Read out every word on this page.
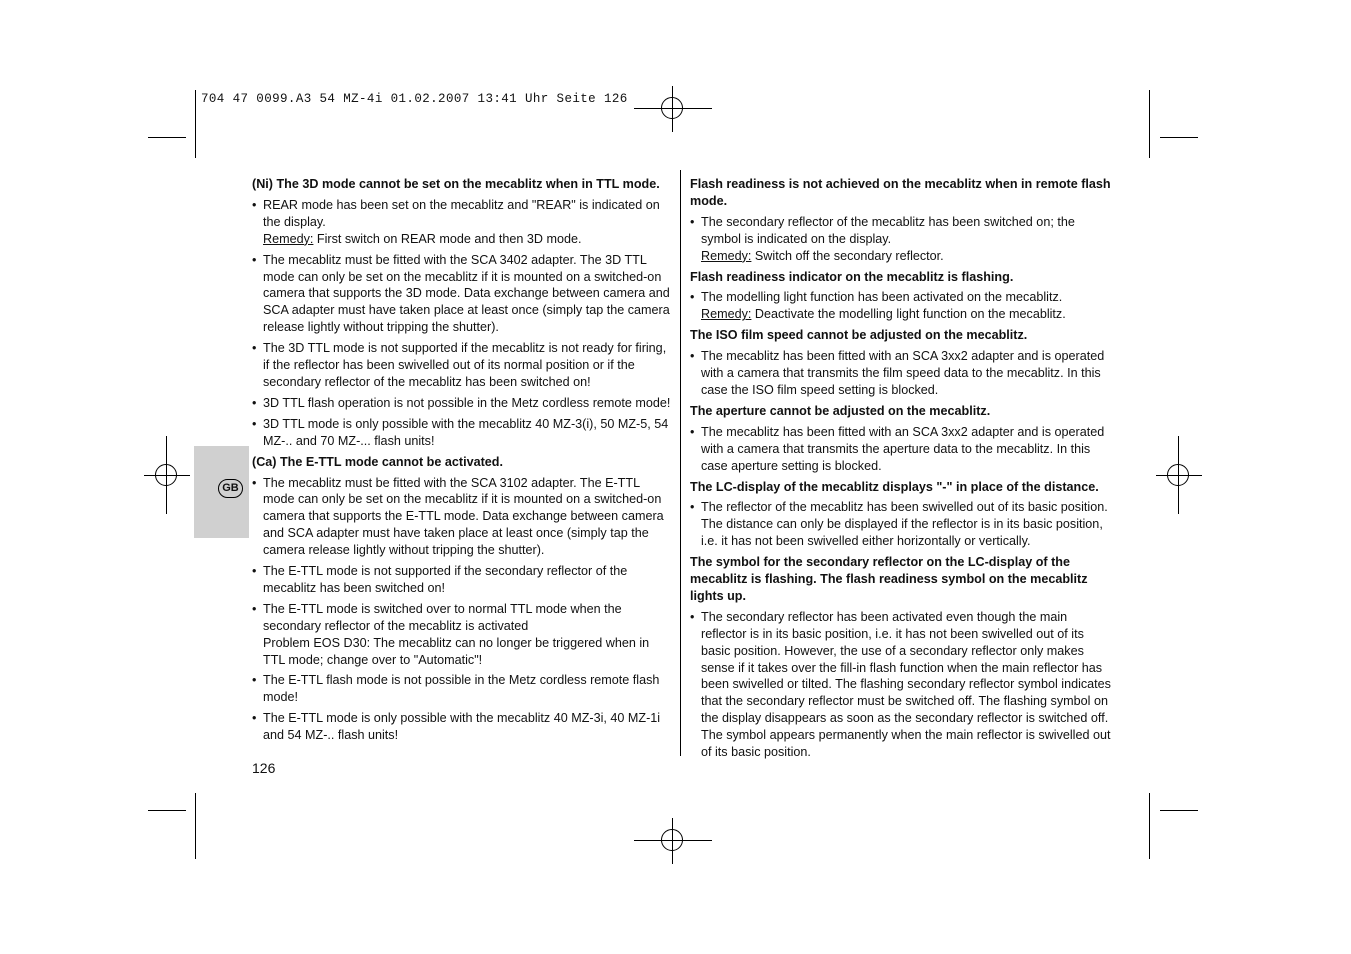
704 47 0099.A3 54 MZ-4i 01.02.2007 13:41 Uhr Seite 126
GB
(Ni) The 3D mode cannot be set on the mecablitz when in TTL mode.
• REAR mode has been set on the mecablitz and "REAR" is indicated on the display.
Remedy: First switch on REAR mode and then 3D mode.
• The mecablitz must be fitted with the SCA 3402 adapter. The 3D TTL mode can only be set on the mecablitz if it is mounted on a switched-on camera that supports the 3D mode. Data exchange between camera and SCA adapter must have taken place at least once (simply tap the camera release lightly without tripping the shutter).
• The 3D TTL mode is not supported if the mecablitz is not ready for firing, if the reflector has been swivelled out of its normal position or if the secondary reflector of the mecablitz has been switched on!
• 3D TTL flash operation is not possible in the Metz cordless remote mode!
• 3D TTL mode is only possible with the mecablitz 40 MZ-3(i), 50 MZ-5, 54 MZ-.. and 70 MZ-... flash units!
(Ca) The E-TTL mode cannot be activated.
• The mecablitz must be fitted with the SCA 3102 adapter. The E-TTL mode can only be set on the mecablitz if it is mounted on a switched-on camera that supports the E-TTL mode. Data exchange between camera and SCA adapter must have taken place at least once (simply tap the camera release lightly without tripping the shutter).
• The E-TTL mode is not supported if the secondary reflector of the mecablitz has been switched on!
• The E-TTL mode is switched over to normal TTL mode when the secondary reflector of the mecablitz is activated
Problem EOS D30: The mecablitz can no longer be triggered when in TTL mode; change over to "Automatic"!
• The E-TTL flash mode is not possible in the Metz cordless remote flash mode!
• The E-TTL mode is only possible with the mecablitz 40 MZ-3i, 40 MZ-1i and 54 MZ-.. flash units!
Flash readiness is not achieved on the mecablitz when in remote flash mode.
• The secondary reflector of the mecablitz has been switched on; the symbol is indicated on the display.
Remedy: Switch off the secondary reflector.
Flash readiness indicator on the mecablitz is flashing.
• The modelling light function has been activated on the mecablitz.
Remedy: Deactivate the modelling light function on the mecablitz.
The ISO film speed cannot be adjusted on the mecablitz.
• The mecablitz has been fitted with an SCA 3xx2 adapter and is operated with a camera that transmits the film speed data to the mecablitz. In this case the ISO film speed setting is blocked.
The aperture cannot be adjusted on the mecablitz.
• The mecablitz has been fitted with an SCA 3xx2 adapter and is operated with a camera that transmits the aperture data to the mecablitz. In this case aperture setting is blocked.
The LC-display of the mecablitz displays "-" in place of the distance.
• The reflector of the mecablitz has been swivelled out of its basic position. The distance can only be displayed if the reflector is in its basic position, i.e. it has not been swivelled either horizontally or vertically.
The symbol for the secondary reflector on the LC-display of the mecablitz is flashing. The flash readiness symbol on the mecablitz lights up.
• The secondary reflector has been activated even though the main reflector is in its basic position, i.e. it has not been swivelled out of its basic position. However, the use of a secondary reflector only makes sense if it takes over the fill-in flash function when the main reflector has been swivelled or tilted. The flashing secondary reflector symbol indicates that the secondary reflector must be switched off. The flashing symbol on the display disappears as soon as the secondary reflector is switched off. The symbol appears permanently when the main reflector is swivelled out of its basic position.
126
